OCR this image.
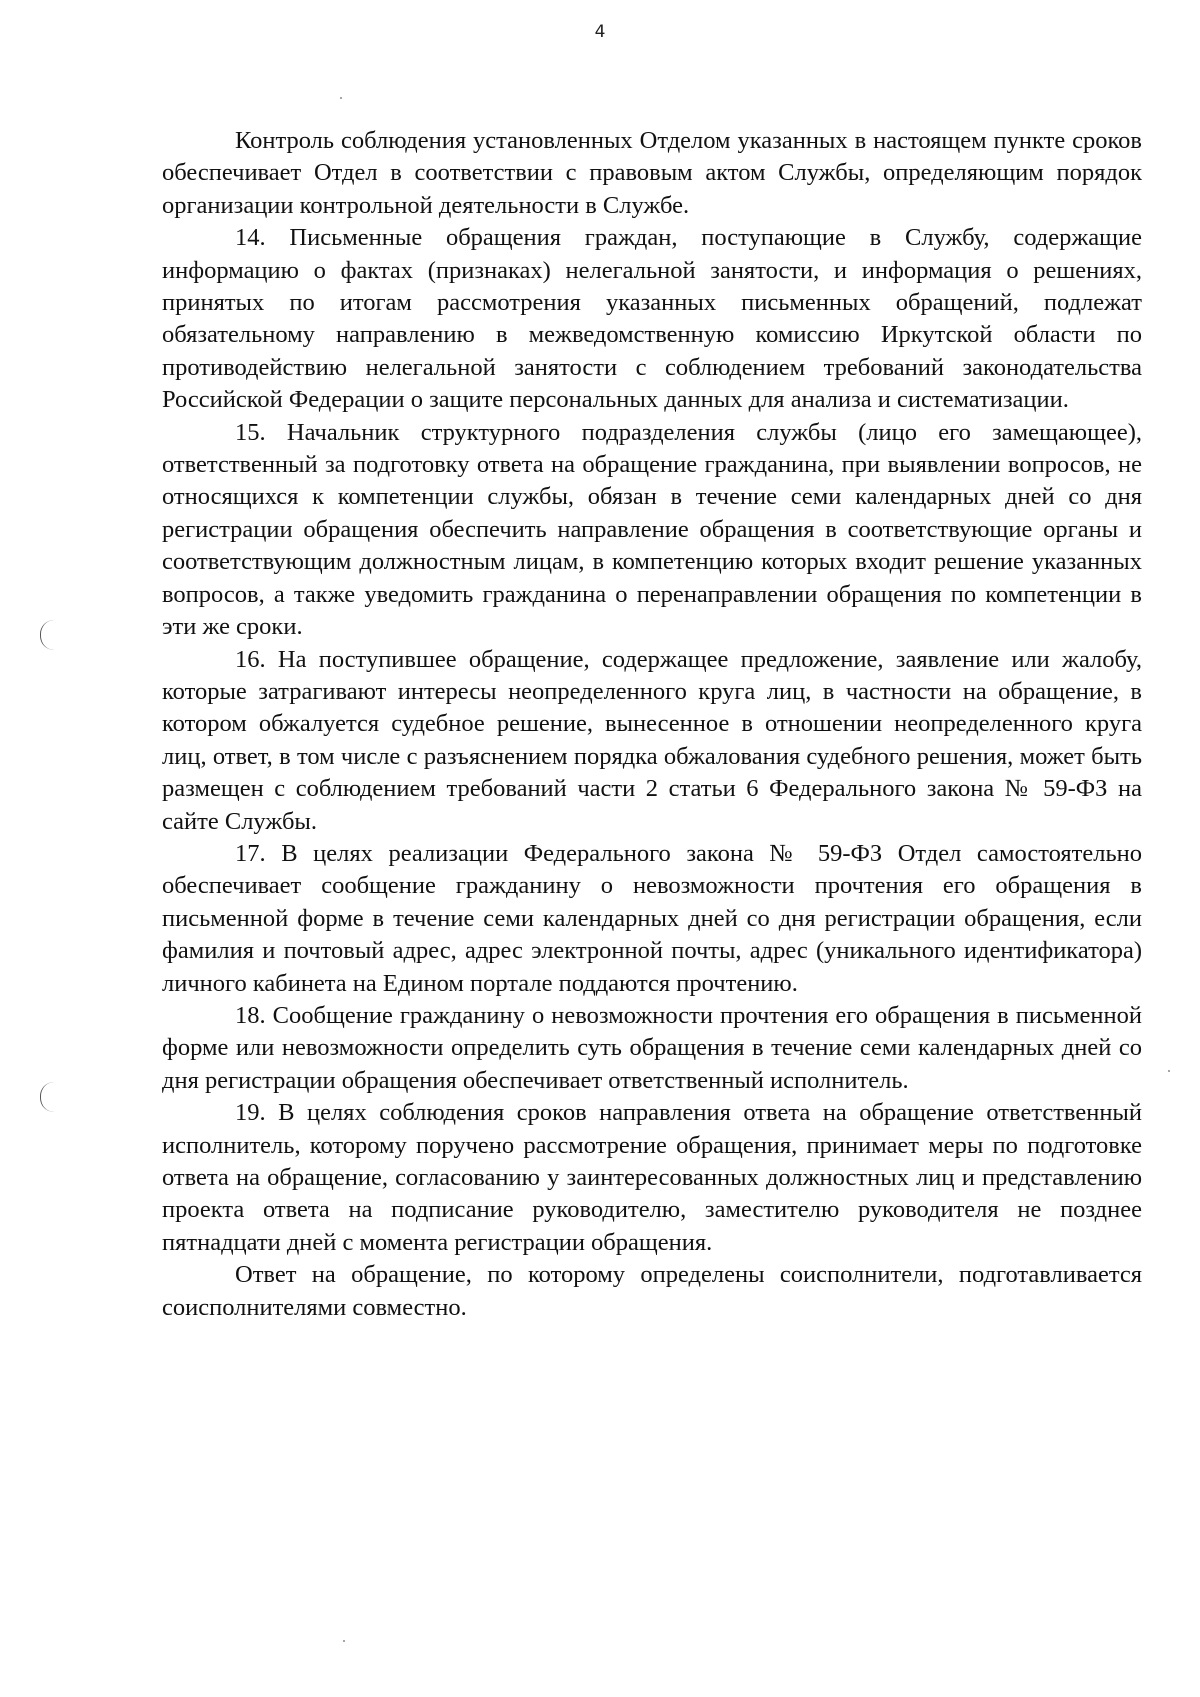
4

Контроль соблюдения установленных Отделом указанных в настоящем пункте сроков обеспечивает Отдел в соответствии с правовым актом Службы, определяющим порядок организации контрольной деятельности в Службе.

14. Письменные обращения граждан, поступающие в Службу, содержащие информацию о фактах (признаках) нелегальной занятости, и информация о решениях, принятых по итогам рассмотрения указанных письменных обращений, подлежат обязательному направлению в межведомственную комиссию Иркутской области по противодействию нелегальной занятости с соблюдением требований законодательства Российской Федерации о защите персональных данных для анализа и систематизации.

15. Начальник структурного подразделения службы (лицо его замещающее), ответственный за подготовку ответа на обращение гражданина, при выявлении вопросов, не относящихся к компетенции службы, обязан в течение семи календарных дней со дня регистрации обращения обеспечить направление обращения в соответствующие органы и соответствующим должностным лицам, в компетенцию которых входит решение указанных вопросов, а также уведомить гражданина о перенаправлении обращения по компетенции в эти же сроки.

16. На поступившее обращение, содержащее предложение, заявление или жалобу, которые затрагивают интересы неопределенного круга лиц, в частности на обращение, в котором обжалуется судебное решение, вынесенное в отношении неопределенного круга лиц, ответ, в том числе с разъяснением порядка обжалования судебного решения, может быть размещен с соблюдением требований части 2 статьи 6 Федерального закона № 59-ФЗ на сайте Службы.

17. В целях реализации Федерального закона № 59-ФЗ Отдел самостоятельно обеспечивает сообщение гражданину о невозможности прочтения его обращения в письменной форме в течение семи календарных дней со дня регистрации обращения, если фамилия и почтовый адрес, адрес электронной почты, адрес (уникального идентификатора) личного кабинета на Едином портале поддаются прочтению.

18. Сообщение гражданину о невозможности прочтения его обращения в письменной форме или невозможности определить суть обращения в течение семи календарных дней со дня регистрации обращения обеспечивает ответственный исполнитель.

19. В целях соблюдения сроков направления ответа на обращение ответственный исполнитель, которому поручено рассмотрение обращения, принимает меры по подготовке ответа на обращение, согласованию у заинтересованных должностных лиц и представлению проекта ответа на подписание руководителю, заместителю руководителя не позднее пятнадцати дней с момента регистрации обращения.

Ответ на обращение, по которому определены соисполнители, подготавливается соисполнителями совместно.
